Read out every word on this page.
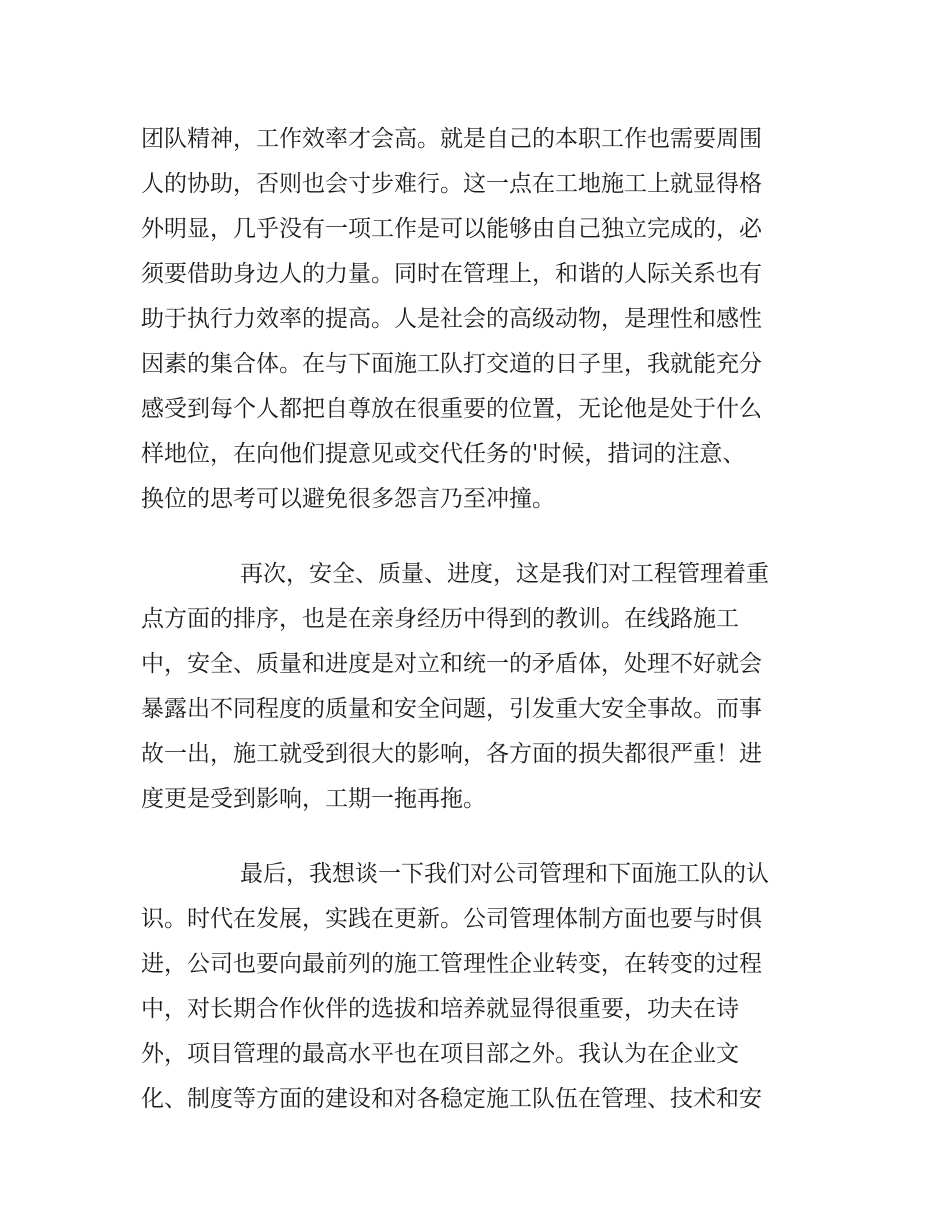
团队精神，工作效率才会高。就是自己的本职工作也需要周围
人的协助，否则也会寸步难行。这一点在工地施工上就显得格
外明显，几乎没有一项工作是可以能够由自己独立完成的，必
须要借助身边人的力量。同时在管理上，和谐的人际关系也有
助于执行力效率的提高。人是社会的高级动物，是理性和感性
因素的集合体。在与下面施工队打交道的日子里，我就能充分
感受到每个人都把自尊放在很重要的位置，无论他是处于什么
样地位，在向他们提意见或交代任务的'时候，措词的注意、
换位的思考可以避免很多怨言乃至冲撞。
再次，安全、质量、进度，这是我们对工程管理着重
点方面的排序，也是在亲身经历中得到的教训。在线路施工
中，安全、质量和进度是对立和统一的矛盾体，处理不好就会
暴露出不同程度的质量和安全问题，引发重大安全事故。而事
故一出，施工就受到很大的影响，各方面的损失都很严重！进
度更是受到影响，工期一拖再拖。
最后，我想谈一下我们对公司管理和下面施工队的认
识。时代在发展，实践在更新。公司管理体制方面也要与时俱
进，公司也要向最前列的施工管理性企业转变，在转变的过程
中，对长期合作伙伴的选拔和培养就显得很重要，功夫在诗
外，项目管理的最高水平也在项目部之外。我认为在企业文
化、制度等方面的建设和对各稳定施工队伍在管理、技术和安
